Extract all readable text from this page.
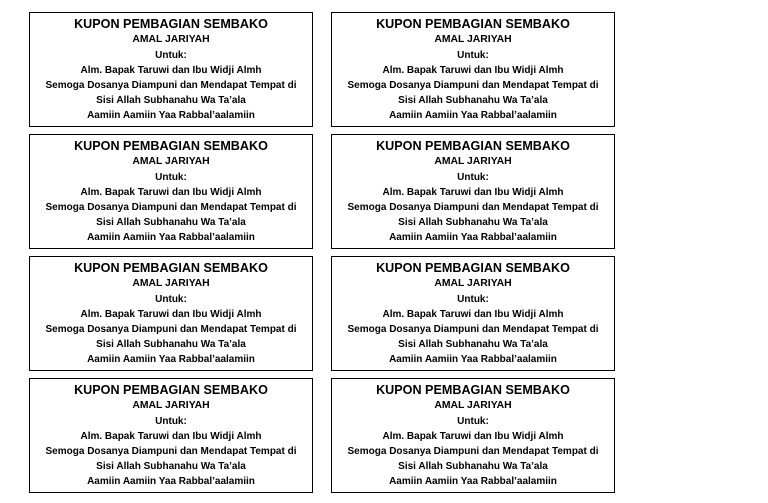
KUPON PEMBAGIAN SEMBAKO
AMAL JARIYAH
Untuk:
Alm. Bapak Taruwi dan Ibu Widji Almh
Semoga Dosanya Diampuni dan Mendapat Tempat di
Sisi Allah Subhanahu Wa Ta’ala
Aamiin Aamiin Yaa Rabbal’aalamiin
KUPON PEMBAGIAN SEMBAKO
AMAL JARIYAH
Untuk:
Alm. Bapak Taruwi dan Ibu Widji Almh
Semoga Dosanya Diampuni dan Mendapat Tempat di
Sisi Allah Subhanahu Wa Ta’ala
Aamiin Aamiin Yaa Rabbal’aalamiin
KUPON PEMBAGIAN SEMBAKO
AMAL JARIYAH
Untuk:
Alm. Bapak Taruwi dan Ibu Widji Almh
Semoga Dosanya Diampuni dan Mendapat Tempat di
Sisi Allah Subhanahu Wa Ta’ala
Aamiin Aamiin Yaa Rabbal’aalamiin
KUPON PEMBAGIAN SEMBAKO
AMAL JARIYAH
Untuk:
Alm. Bapak Taruwi dan Ibu Widji Almh
Semoga Dosanya Diampuni dan Mendapat Tempat di
Sisi Allah Subhanahu Wa Ta’ala
Aamiin Aamiin Yaa Rabbal’aalamiin
KUPON PEMBAGIAN SEMBAKO
AMAL JARIYAH
Untuk:
Alm. Bapak Taruwi dan Ibu Widji Almh
Semoga Dosanya Diampuni dan Mendapat Tempat di
Sisi Allah Subhanahu Wa Ta’ala
Aamiin Aamiin Yaa Rabbal’aalamiin
KUPON PEMBAGIAN SEMBAKO
AMAL JARIYAH
Untuk:
Alm. Bapak Taruwi dan Ibu Widji Almh
Semoga Dosanya Diampuni dan Mendapat Tempat di
Sisi Allah Subhanahu Wa Ta’ala
Aamiin Aamiin Yaa Rabbal’aalamiin
KUPON PEMBAGIAN SEMBAKO
AMAL JARIYAH
Untuk:
Alm. Bapak Taruwi dan Ibu Widji Almh
Semoga Dosanya Diampuni dan Mendapat Tempat di
Sisi Allah Subhanahu Wa Ta’ala
Aamiin Aamiin Yaa Rabbal’aalamiin
KUPON PEMBAGIAN SEMBAKO
AMAL JARIYAH
Untuk:
Alm. Bapak Taruwi dan Ibu Widji Almh
Semoga Dosanya Diampuni dan Mendapat Tempat di
Sisi Allah Subhanahu Wa Ta’ala
Aamiin Aamiin Yaa Rabbal’aalamiin
